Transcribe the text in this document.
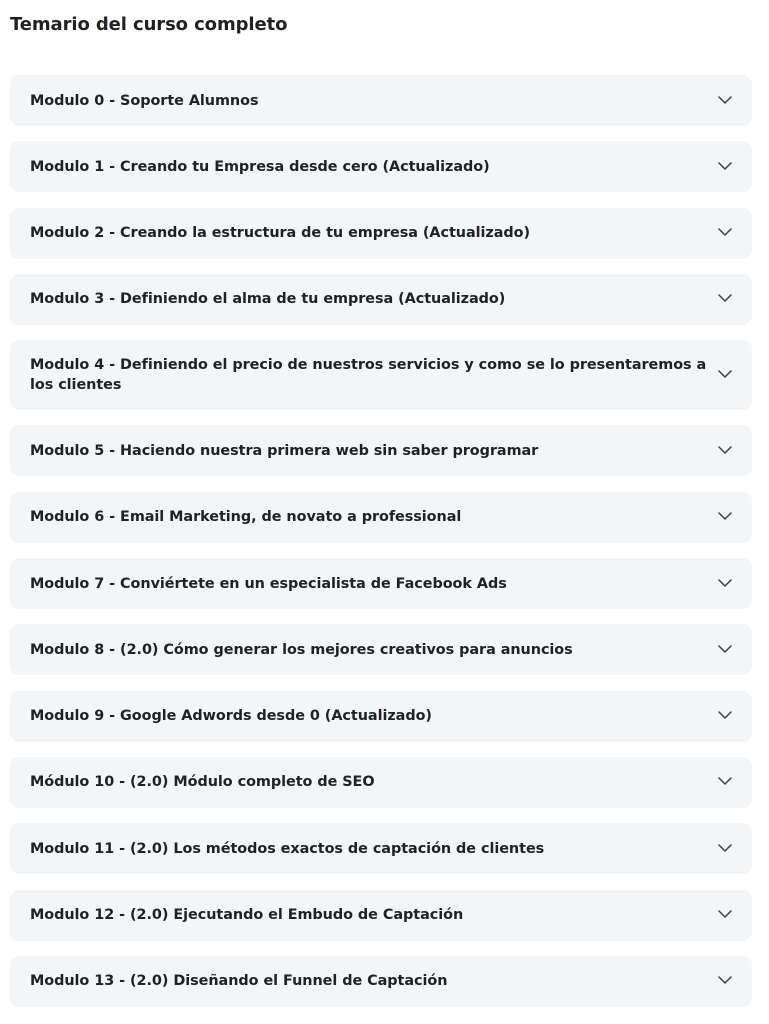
Temario del curso completo
Modulo 0 - Soporte Alumnos
Modulo 1 - Creando tu Empresa desde cero (Actualizado)
Modulo 2 - Creando la estructura de tu empresa (Actualizado)
Modulo 3 - Definiendo el alma de tu empresa (Actualizado)
Modulo 4 - Definiendo el precio de nuestros servicios y como se lo presentaremos a los clientes
Modulo 5 - Haciendo nuestra primera web sin saber programar
Modulo 6 - Email Marketing, de novato a professional
Modulo 7 - Conviértete en un especialista de Facebook Ads
Modulo 8 - (2.0) Cómo generar los mejores creativos para anuncios
Modulo 9 - Google Adwords desde 0 (Actualizado)
Módulo 10 - (2.0) Módulo completo de SEO
Modulo 11 - (2.0) Los métodos exactos de captación de clientes
Modulo 12 - (2.0) Ejecutando el Embudo de Captación
Modulo 13 - (2.0) Diseñando el Funnel de Captación
